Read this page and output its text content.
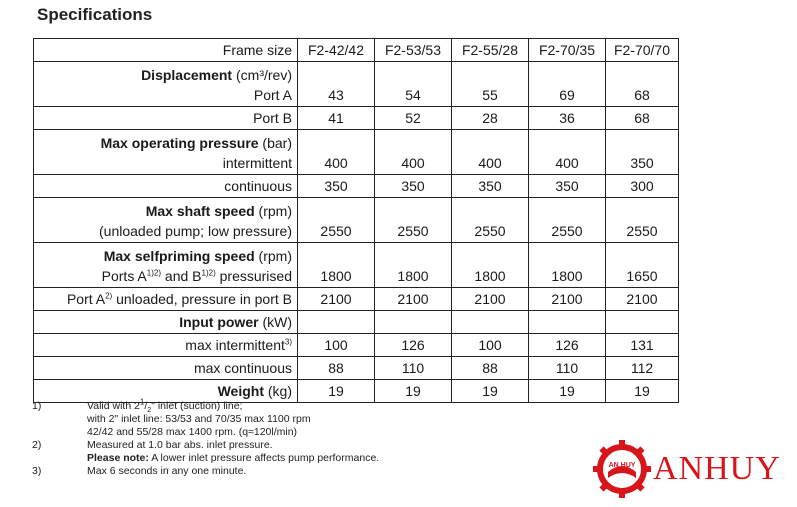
Specifications
Frame size	F2-42/42	F2-53/53	F2-55/28	F2-70/35	F2-70/70

Displacement (cm³/rev)
Port A	43	54	55	69	68
Port B	41	52	28	36	68

Max operating pressure (bar)
intermittent	400	400	400	400	350
continuous	350	350	350	350	300

Max shaft speed (rpm)
(unloaded pump; low pressure)	2550	2550	2550	2550	2550

Max selfpriming speed (rpm)
Ports $A^{1)2)}$ and $B^{1)2)}$ pressurised	1800	1800	1800	1800	1650
Port $A^{2)}$ unloaded, pressure in port B	2100	2100	2100	2100	2100
Input power (kW)					
max intermittent$^{3)}$	100	126	100	126	131
max continuous	88	110	88	110	112
Weight (kg)	19	19	19	19	19
1)	Valid with $2^1/_2$" inlet (suction) line;
with 2" inlet line: 53/53 and 70/35 max 1100 rpm
42/42 and 55/28 max 1400 rpm. (q≈120l/min)
2)	Measured at 1.0 bar abs. inlet pressure.
Please note: A lower inlet pressure affects pump performance.
3)	Max 6 seconds in any one minute.	AN HUY ANHUY
